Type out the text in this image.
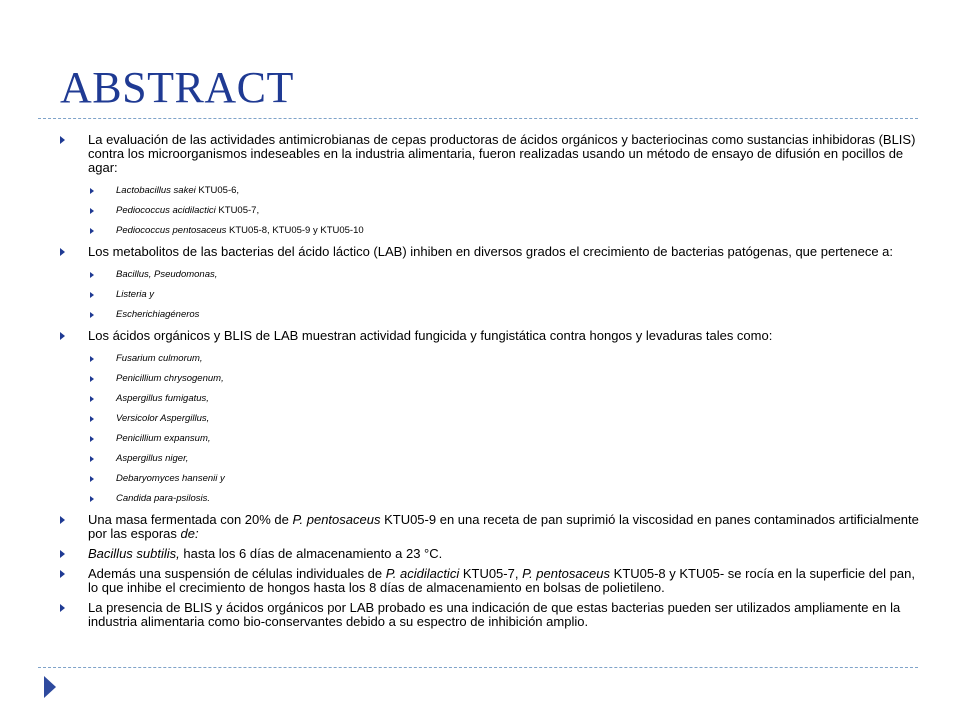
ABSTRACT
La evaluación de las actividades antimicrobianas de cepas productoras de ácidos orgánicos y bacteriocinas como sustancias inhibidoras (BLIS) contra los microorganismos indeseables en la industria alimentaria, fueron realizadas usando un método de ensayo de difusión en pocillos de agar:
Lactobacillus sakei KTU05-6,
Pediococcus acidilactici KTU05-7,
Pediococcus pentosaceus KTU05-8, KTU05-9 y KTU05-10
Los metabolitos de las bacterias del ácido láctico (LAB) inhiben en diversos grados el crecimiento de bacterias patógenas, que pertenece a:
Bacillus, Pseudomonas,
Listeria y
Escherichiagéneros
Los ácidos orgánicos y BLIS de LAB muestran actividad fungicida y fungistática contra hongos y levaduras tales como:
Fusarium culmorum,
Penicillium chrysogenum,
Aspergillus fumigatus,
Versicolor Aspergillus,
Penicillium expansum,
Aspergillus niger,
Debaryomyces hansenii y
Candida para-psilosis.
Una masa fermentada con 20% de P. pentosaceus KTU05-9 en una receta de pan suprimió la viscosidad en panes contaminados artificialmente por las esporas de:
Bacillus subtilis, hasta los 6 días de almacenamiento a 23 °C.
Además una suspensión de células individuales de P. acidilactici KTU05-7, P. pentosaceus KTU05-8 y KTU05- se rocía en la superficie del pan, lo que inhibe el crecimiento de hongos hasta los 8 días de almacenamiento en bolsas de polietileno.
La presencia de BLIS y ácidos orgánicos por LAB probado es una indicación de que estas bacterias pueden ser utilizados ampliamente en la industria alimentaria como bio-conservantes debido a su espectro de inhibición amplio.
